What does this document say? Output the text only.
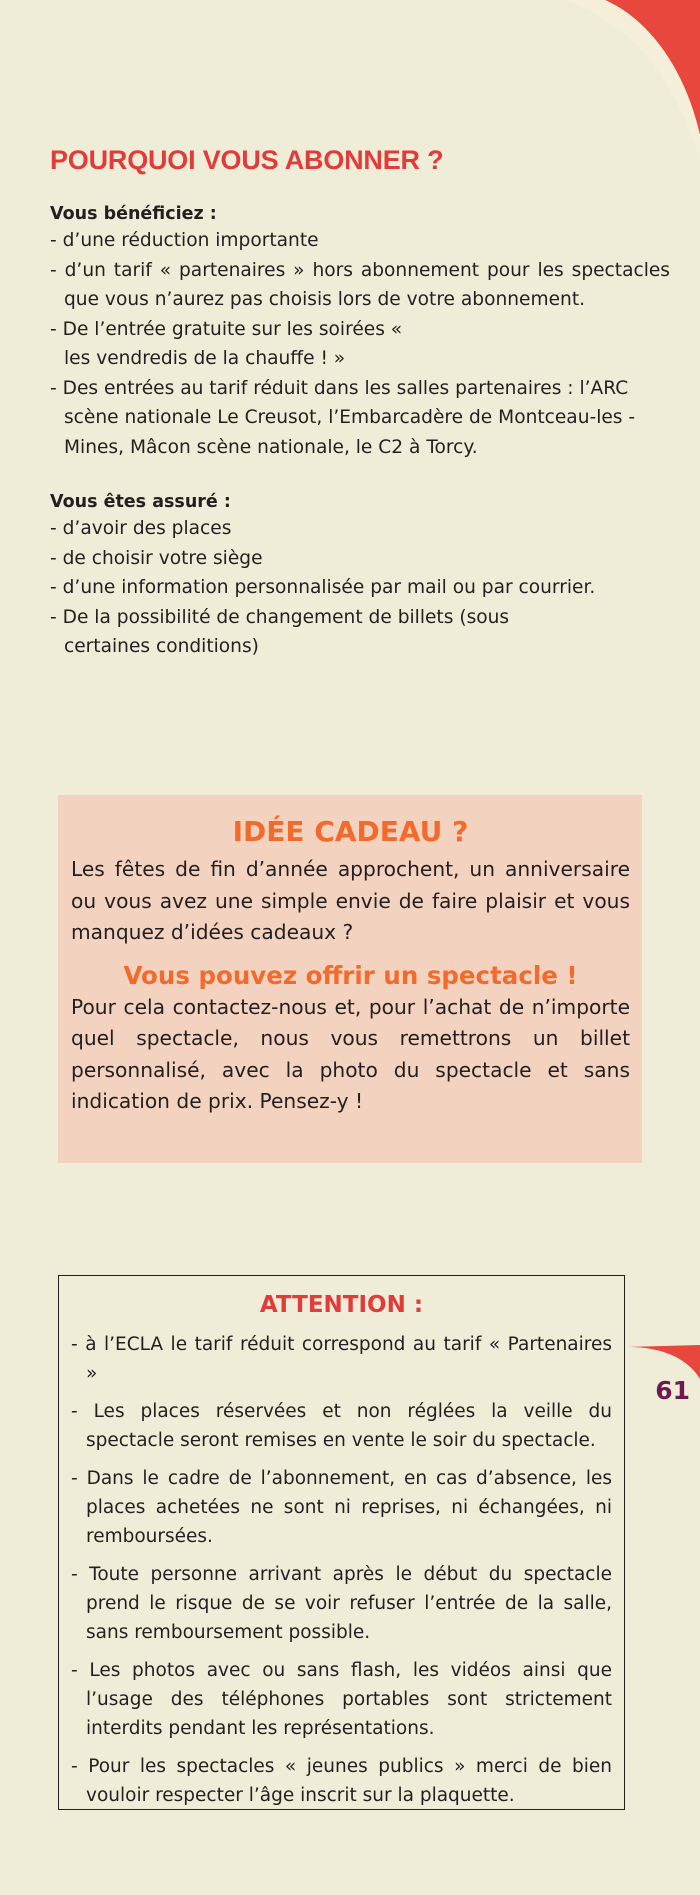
POURQUOI VOUS ABONNER ?
Vous bénéficiez :
- d’une réduction importante
- d’un tarif « partenaires » hors abonnement pour les spectacles que vous n’aurez pas choisis lors de votre abonnement.
- De l’entrée gratuite sur les soirées « les vendredis de la chauffe ! »
- Des entrées au tarif réduit dans les salles partenaires : l’ARC scène nationale Le Creusot, l’Embarcadère de Montceau-les -Mines, Mâcon scène nationale, le C2 à Torcy.
Vous êtes assuré :
- d’avoir des places
- de choisir votre siège
- d’une information personnalisée par mail ou par courrier.
- De la possibilité de changement de billets (sous certaines conditions)
IDÉE CADEAU ?

Les fêtes de fin d’année approchent, un anniversaire ou vous avez une simple envie de faire plaisir et vous manquez d’idées cadeaux ?

Vous pouvez offrir un spectacle !

Pour cela contactez-nous et, pour l’achat de n’importe quel spectacle, nous vous remettrons un billet personnalisé, avec la photo du spectacle et sans indication de prix. Pensez-y !

ATTENTION :
- à l’ECLA le tarif réduit correspond au tarif « Partenaires »
- Les places réservées et non réglées la veille du spectacle seront remises en vente le soir du spectacle.
- Dans le cadre de l’abonnement, en cas d’absence, les places achetées ne sont ni reprises, ni échangées, ni remboursées.
- Toute personne arrivant après le début du spectacle prend le risque de se voir refuser l’entrée de la salle, sans remboursement possible.
- Les photos avec ou sans flash, les vidéos ainsi que l’usage des téléphones portables sont strictement interdits pendant les représentations.
- Pour les spectacles « jeunes publics » merci de bien vouloir respecter l’âge inscrit sur la plaquette.
61
